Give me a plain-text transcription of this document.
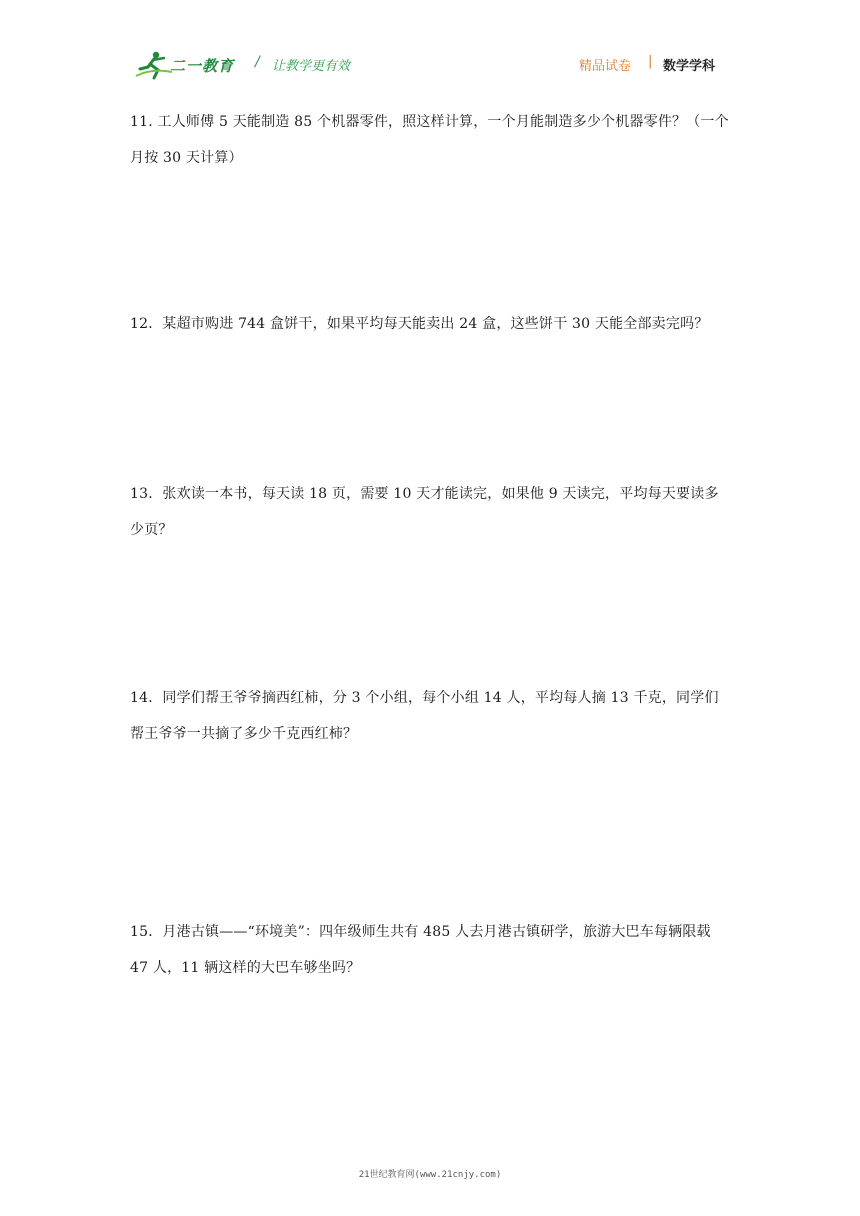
二一教育 / 让教学更有效	精品试卷 | 数学学科
11. 工人师傅 5 天能制造 85 个机器零件，照这样计算，一个月能制造多少个机器零件？（一个月按 30 天计算）
12．某超市购进 744 盒饼干，如果平均每天能卖出 24 盒，这些饼干 30 天能全部卖完吗？
13．张欢读一本书，每天读 18 页，需要 10 天才能读完，如果他 9 天读完，平均每天要读多少页？
14．同学们帮王爷爷摘西红柿，分 3 个小组，每个小组 14 人，平均每人摘 13 千克，同学们帮王爷爷一共摘了多少千克西红柿？
15．月港古镇——“环境美”：四年级师生共有 485 人去月港古镇研学，旅游大巴车每辆限载 47 人，11 辆这样的大巴车够坐吗？
21世纪教育网(www.21cnjy.com)
